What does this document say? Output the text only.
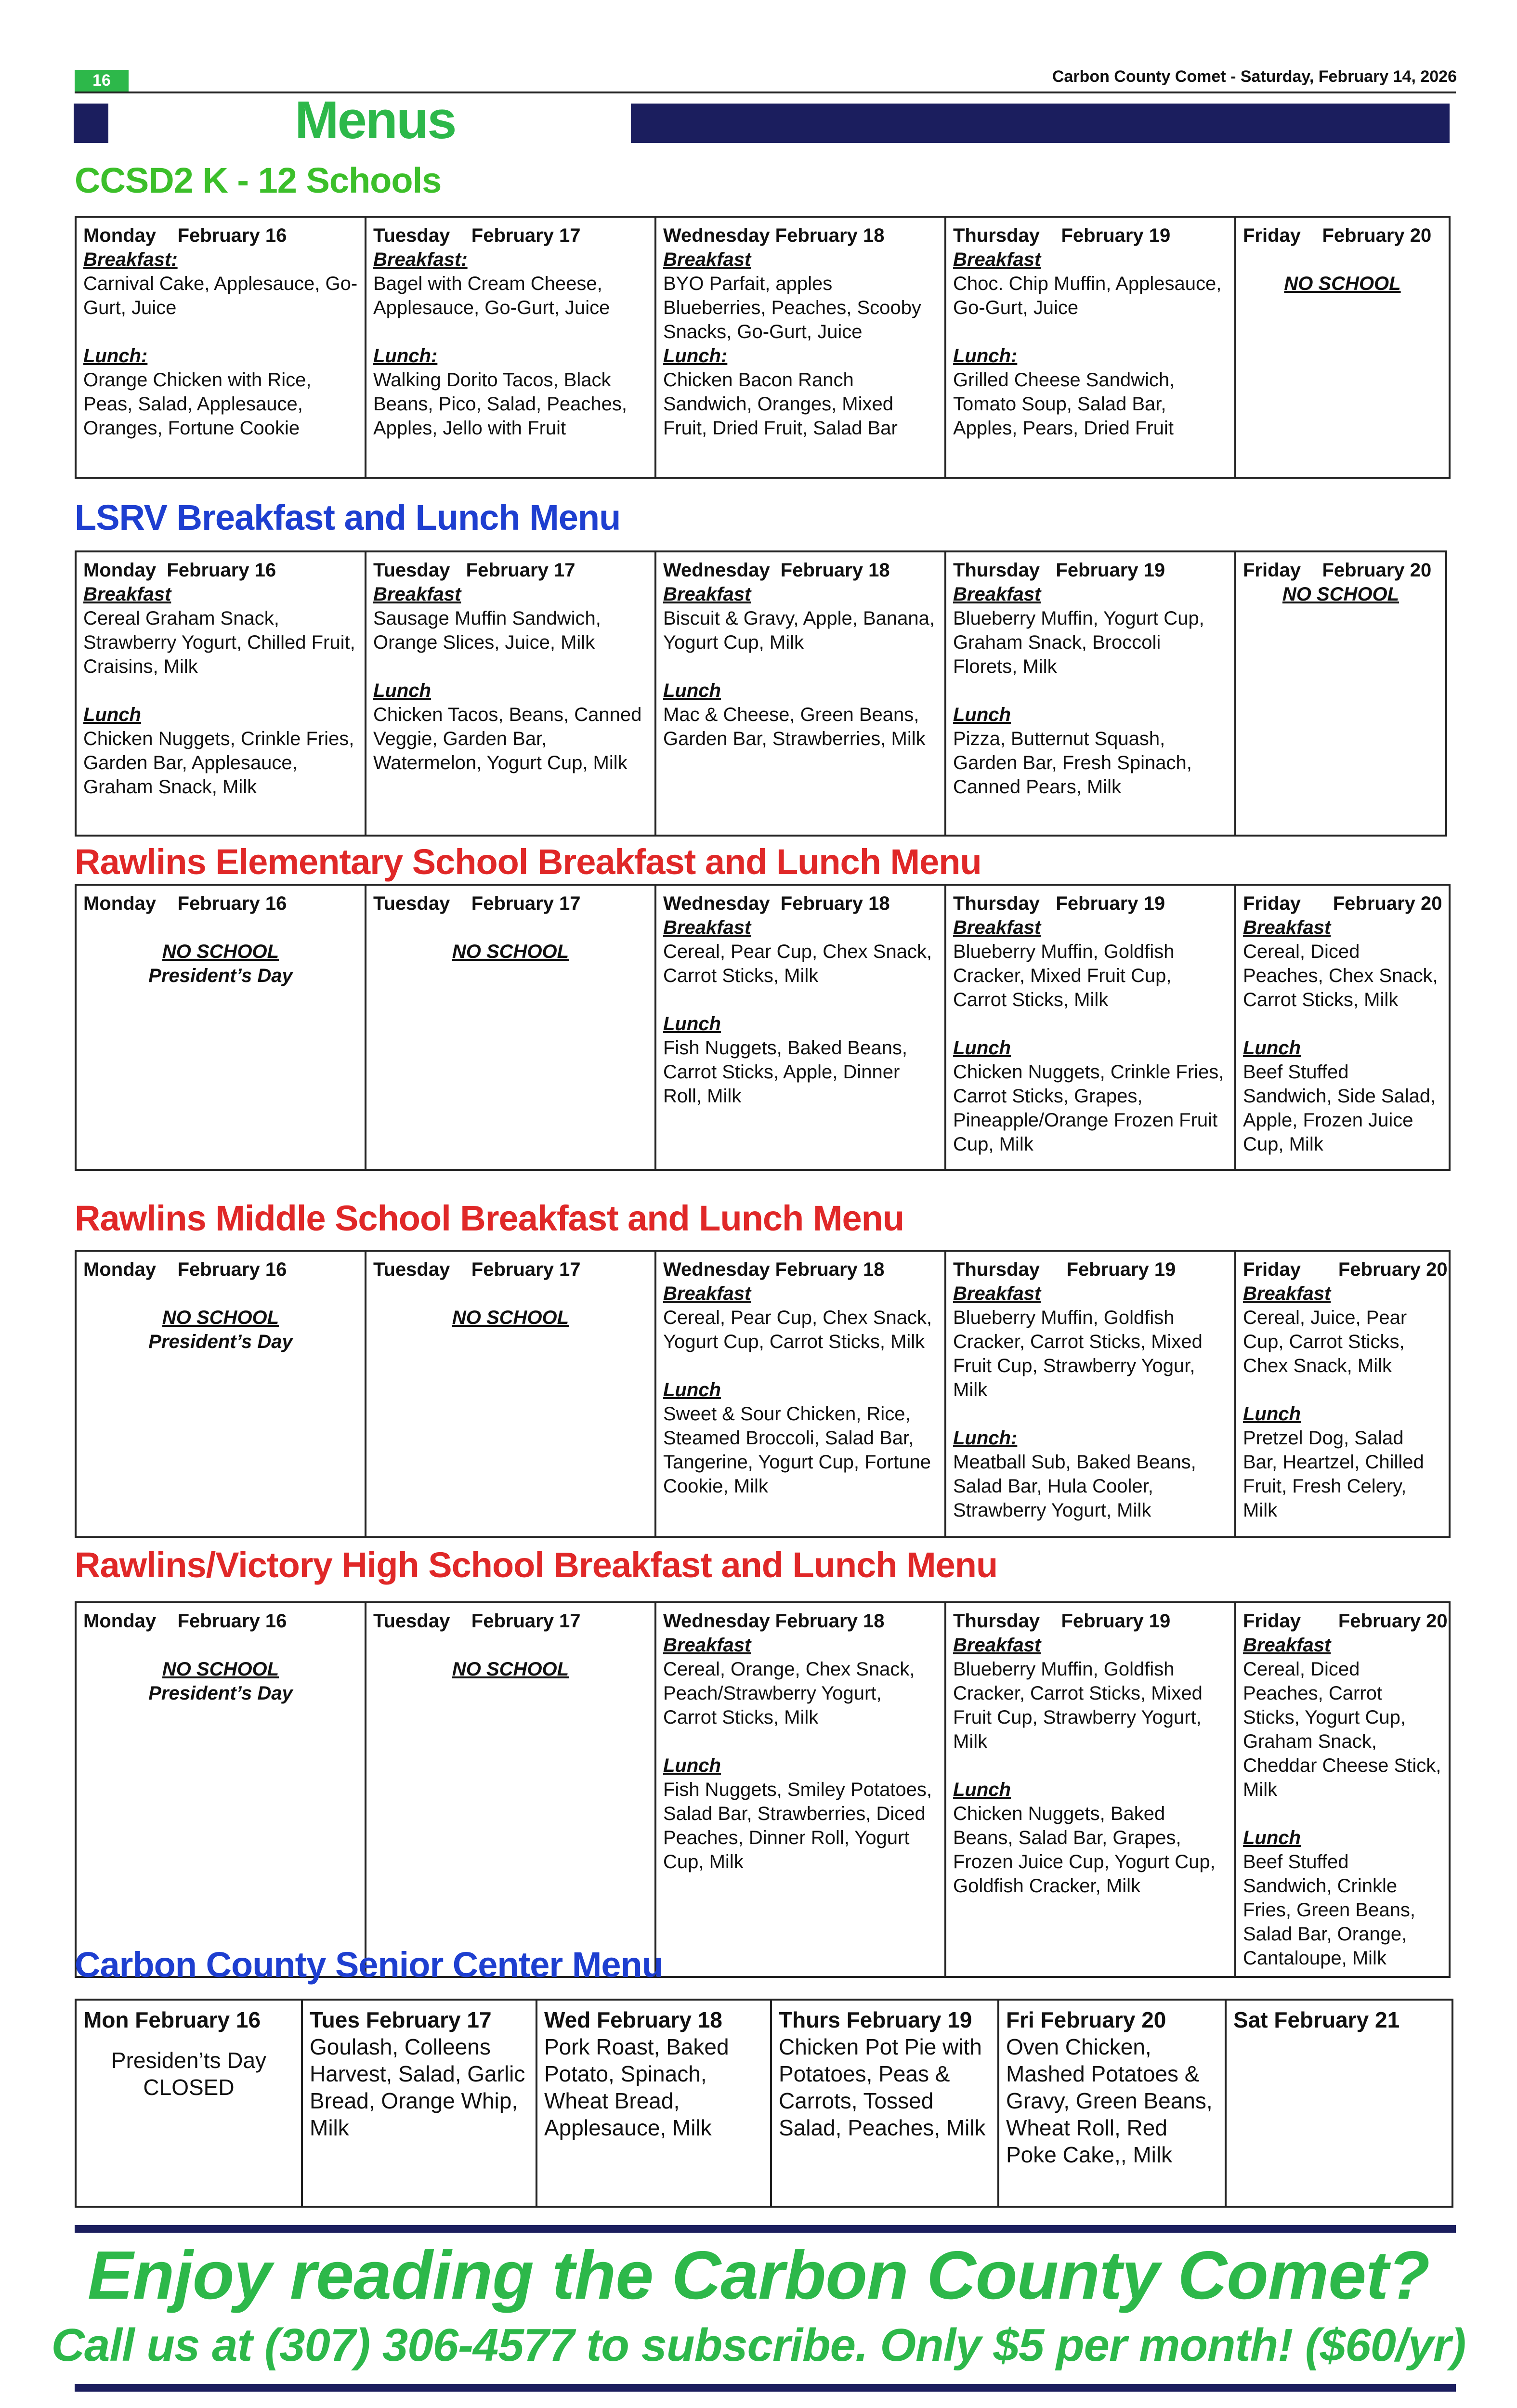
16	Carbon County Comet - Saturday, February 14, 2026
Menus
CCSD2 K - 12 Schools
Monday    February 16
Breakfast:
Carnival Cake, Applesauce, Go-Gurt, Juice
Lunch:
Orange Chicken with Rice, Peas, Salad, Applesauce, Oranges, Fortune Cookie

Tuesday    February 17
Breakfast:
Bagel with Cream Cheese, Applesauce, Go-Gurt, Juice
Lunch:
Walking Dorito Tacos, Black Beans, Pico, Salad, Peaches, Apples, Jello with Fruit

Wednesday February 18
Breakfast
BYO Parfait, apples Blueberries, Peaches, Scooby Snacks, Go-Gurt, Juice
Lunch:
Chicken Bacon Ranch Sandwich, Oranges, Mixed Fruit, Dried Fruit, Salad Bar

Thursday    February 19
Breakfast
Choc. Chip Muffin, Applesauce, Go-Gurt, Juice
Lunch:
Grilled Cheese Sandwich, Tomato Soup, Salad Bar, Apples, Pears, Dried Fruit

Friday    February 20
NO SCHOOL
LSRV Breakfast and Lunch Menu
Monday  February 16
Breakfast
Cereal Graham Snack, Strawberry Yogurt, Chilled Fruit, Craisins, Milk
Lunch
Chicken Nuggets, Crinkle Fries, Garden Bar, Applesauce, Graham Snack, Milk

Tuesday   February 17
Breakfast
Sausage Muffin Sandwich, Orange Slices, Juice, Milk
Lunch
Chicken Tacos, Beans, Canned Veggie, Garden Bar, Watermelon, Yogurt Cup, Milk

Wednesday  February 18
Breakfast
Biscuit & Gravy, Apple, Banana, Yogurt Cup, Milk
Lunch
Mac & Cheese, Green Beans, Garden Bar, Strawberries, Milk

Thursday   February 19
Breakfast
Blueberry Muffin, Yogurt Cup, Graham Snack, Broccoli Florets, Milk
Lunch
Pizza, Butternut Squash, Garden Bar, Fresh Spinach, Canned Pears, Milk

Friday    February 20
NO SCHOOL
Rawlins Elementary School Breakfast and Lunch Menu
Monday    February 16
NO SCHOOL
President’s Day

Tuesday    February 17
NO SCHOOL

Wednesday  February 18
Breakfast
Cereal, Pear Cup, Chex Snack, Carrot Sticks, Milk
Lunch
Fish Nuggets, Baked Beans, Carrot Sticks, Apple, Dinner Roll, Milk

Thursday   February 19
Breakfast
Blueberry Muffin, Goldfish Cracker, Mixed Fruit Cup, Carrot Sticks, Milk
Lunch
Chicken Nuggets, Crinkle Fries, Carrot Sticks, Grapes, Pineapple/Orange Frozen Fruit Cup, Milk

Friday      February 20
Breakfast
Cereal, Diced Peaches, Chex Snack, Carrot Sticks, Milk
Lunch
Beef Stuffed Sandwich, Side Salad, Apple, Frozen Juice Cup, Milk
Rawlins Middle School Breakfast and Lunch Menu
Monday    February 16
NO SCHOOL
President’s Day

Tuesday    February 17
NO SCHOOL

Wednesday February 18
Breakfast
Cereal, Pear Cup, Chex Snack, Yogurt Cup, Carrot Sticks, Milk
Lunch
Sweet & Sour Chicken, Rice, Steamed Broccoli, Salad Bar, Tangerine, Yogurt Cup, Fortune Cookie, Milk

Thursday     February 19
Breakfast
Blueberry Muffin, Goldfish Cracker, Carrot Sticks, Mixed Fruit Cup, Strawberry Yogur, Milk
Lunch:
Meatball Sub, Baked Beans, Salad Bar, Hula Cooler, Strawberry Yogurt, Milk

Friday       February 20
Breakfast
Cereal, Juice, Pear Cup, Carrot Sticks, Chex Snack, Milk
Lunch
Pretzel Dog, Salad Bar, Heartzel, Chilled Fruit, Fresh Celery, Milk
Rawlins/Victory High School Breakfast and Lunch Menu
Monday    February 16
NO SCHOOL
President’s Day

Tuesday    February 17
NO SCHOOL

Wednesday February 18
Breakfast
Cereal, Orange, Chex Snack, Peach/Strawberry Yogurt, Carrot Sticks, Milk
Lunch
Fish Nuggets, Smiley Potatoes, Salad Bar, Strawberries, Diced Peaches, Dinner Roll, Yogurt Cup, Milk

Thursday    February 19
Breakfast
Blueberry Muffin, Goldfish Cracker, Carrot Sticks, Mixed Fruit Cup, Strawberry Yogurt, Milk
Lunch
Chicken Nuggets, Baked Beans, Salad Bar, Grapes, Frozen Juice Cup, Yogurt Cup, Goldfish Cracker, Milk

Friday       February 20
Breakfast
Cereal, Diced Peaches, Carrot Sticks, Yogurt Cup, Graham Snack, Cheddar Cheese Stick, Milk
Lunch
Beef Stuffed Sandwich, Crinkle Fries, Green Beans, Salad Bar, Orange, Cantaloupe, Milk
Carbon County Senior Center Menu
Mon February 16
Presiden’ts Day
CLOSED

Tues February 17
Goulash, Colleens Harvest, Salad, Garlic Bread, Orange Whip, Milk

Wed February 18
Pork Roast, Baked Potato, Spinach, Wheat Bread, Applesauce, Milk

Thurs February 19
Chicken Pot Pie with Potatoes, Peas & Carrots, Tossed Salad, Peaches, Milk

Fri February 20
Oven Chicken, Mashed Potatoes & Gravy, Green Beans, Wheat Roll, Red Poke Cake,, Milk

Sat February 21
Enjoy reading the Carbon County Comet?
Call us at (307) 306-4577 to subscribe. Only $5 per month! ($60/yr)
